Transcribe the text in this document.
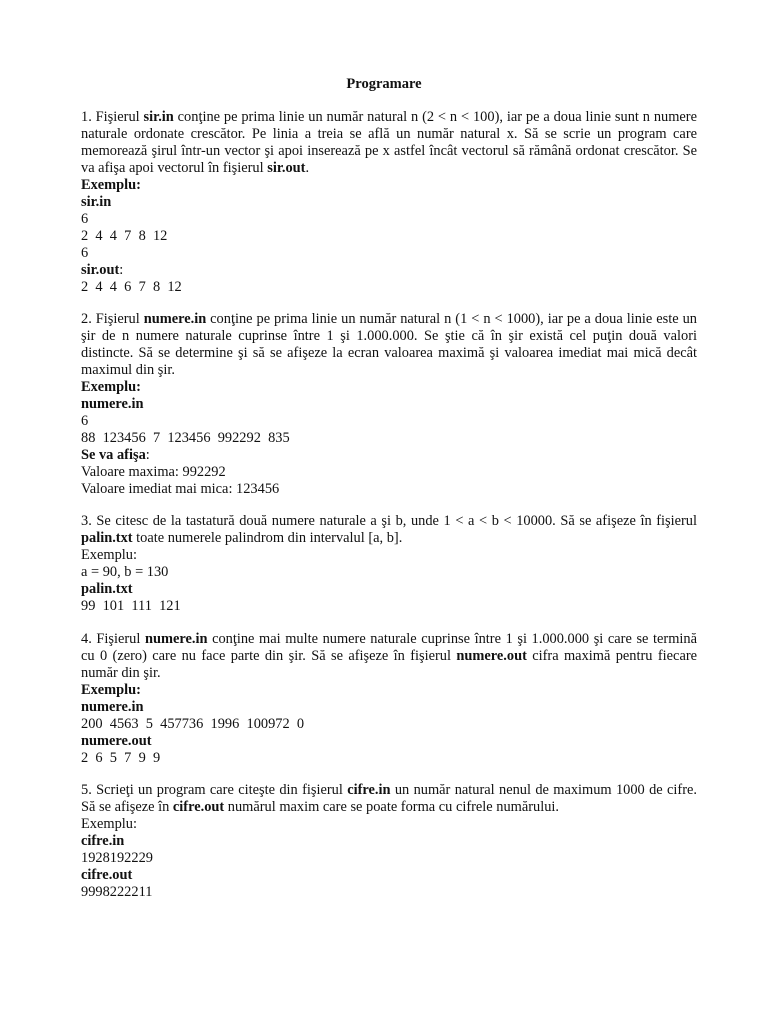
Programare

1. Fişierul sir.in conţine pe prima linie un număr natural n (2 < n < 100), iar pe a doua linie sunt n numere naturale ordonate crescător. Pe linia a treia se află un număr natural x. Să se scrie un program care memorează şirul într-un vector şi apoi inserează pe x astfel încât vectorul să rămână ordonat crescător. Se va afişa apoi vectorul în fişierul sir.out.

Exemplu:

sir.in

6

2  4  4  7  8  12

6

sir.out:

2  4  4  6  7  8  12

2. Fişierul numere.in conţine pe prima linie un număr natural n (1 < n < 1000), iar pe a doua linie este un şir de n numere naturale cuprinse între 1 şi 1.000.000. Se ştie că în şir există cel puţin două valori distincte. Să se determine şi să se afişeze la ecran valoarea maximă şi valoarea imediat mai mică decât maximul din şir.

Exemplu:

numere.in

6

88  123456  7  123456  992292  835

Se va afişa:

Valoare maxima: 992292

Valoare imediat mai mica: 123456

3. Se citesc de la tastatură două numere naturale a şi b, unde 1 < a < b < 10000. Să se afişeze în fişierul palin.txt toate numerele palindrom din intervalul [a, b].

Exemplu:

a = 90, b = 130

palin.txt

99  101  111  121

4. Fişierul numere.in conţine mai multe numere naturale cuprinse între 1 şi 1.000.000 şi care se termină cu 0 (zero) care nu face parte din şir. Să se afişeze în fişierul numere.out cifra maximă pentru fiecare număr din şir.

Exemplu:

numere.in

200  4563  5  457736  1996  100972  0

numere.out

2  6  5  7  9  9

5. Scrieţi un program care citeşte din fişierul cifre.in un număr natural nenul de maximum 1000 de cifre. Să se afişeze în cifre.out numărul maxim care se poate forma cu cifrele numărului.

Exemplu:

cifre.in

1928192229

cifre.out

9998222211
